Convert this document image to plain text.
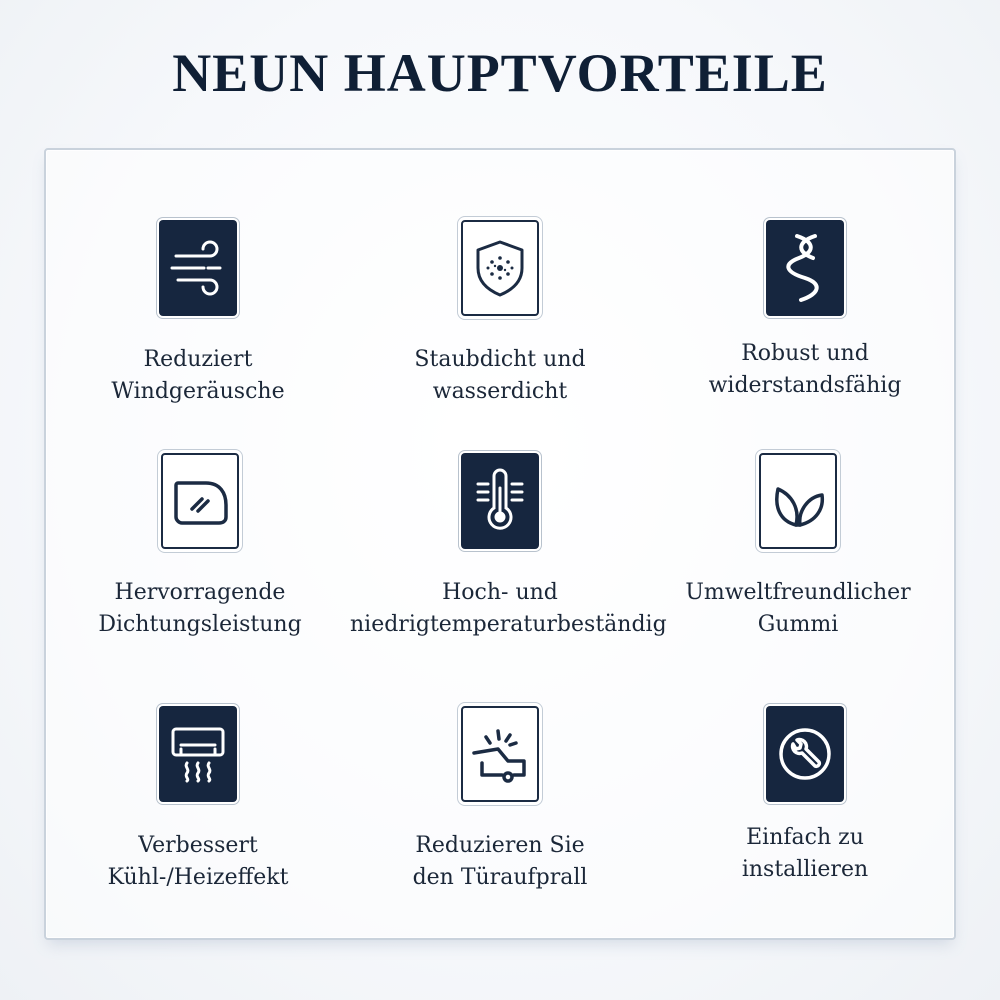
NEUN HAUPTVORTEILE
Reduziert
Windgeräusche
Staubdicht und
wasserdicht
Robust und
widerstandsfähig
Hervorragende
Dichtungsleistung
Hoch- und
niedrigtemperaturbeständig
Umweltfreundlicher
Gummi
Verbessert
Kühl-/Heizeffekt
Reduzieren Sie
den Türaufprall
Einfach zu
installieren
